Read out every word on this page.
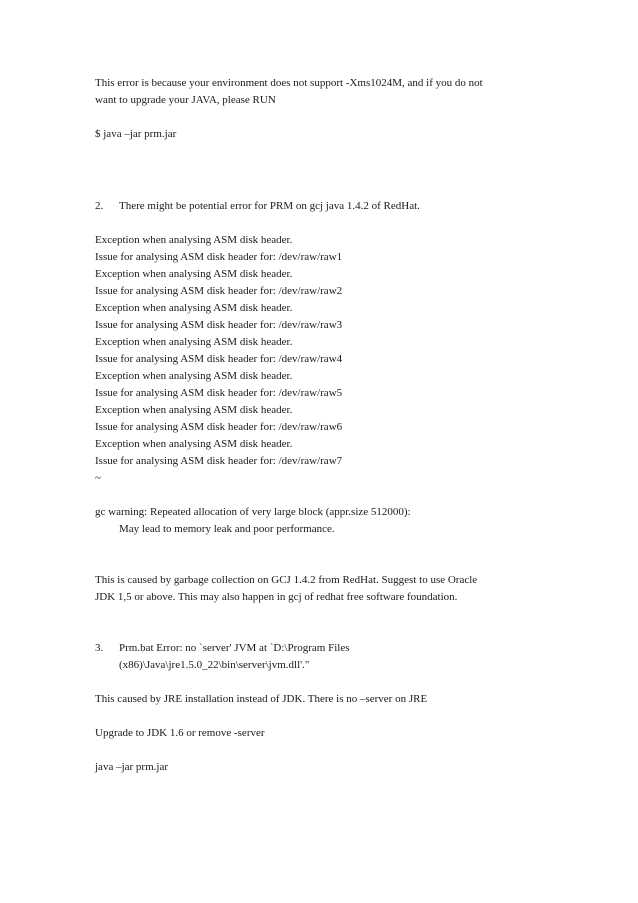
This error is because your environment does not support -Xms1024M, and if you do not

want to upgrade your JAVA, please RUN

$ java –jar prm.jar

2. There might be potential error for PRM on gcj java 1.4.2 of RedHat.

Exception when analysing ASM disk header.

Issue for analysing ASM disk header for: /dev/raw/raw1

Exception when analysing ASM disk header.

Issue for analysing ASM disk header for: /dev/raw/raw2

Exception when analysing ASM disk header.

Issue for analysing ASM disk header for: /dev/raw/raw3

Exception when analysing ASM disk header.

Issue for analysing ASM disk header for: /dev/raw/raw4

Exception when analysing ASM disk header.

Issue for analysing ASM disk header for: /dev/raw/raw5

Exception when analysing ASM disk header.

Issue for analysing ASM disk header for: /dev/raw/raw6

Exception when analysing ASM disk header.

Issue for analysing ASM disk header for: /dev/raw/raw7

~

gc warning: Repeated allocation of very large block (appr.size 512000):

May lead to memory leak and poor performance.

This is caused by garbage collection on GCJ 1.4.2 from RedHat. Suggest to use Oracle

JDK 1,5 or above. This may also happen in gcj of redhat free software foundation.

3. Prm.bat Error: no `server' JVM at `D:\Program Files
(x86)\Java\jre1.5.0_22\bin\server\jvm.dll'."

This caused by JRE installation instead of JDK. There is no –server on JRE

Upgrade to JDK 1.6 or remove -server

java –jar prm.jar
